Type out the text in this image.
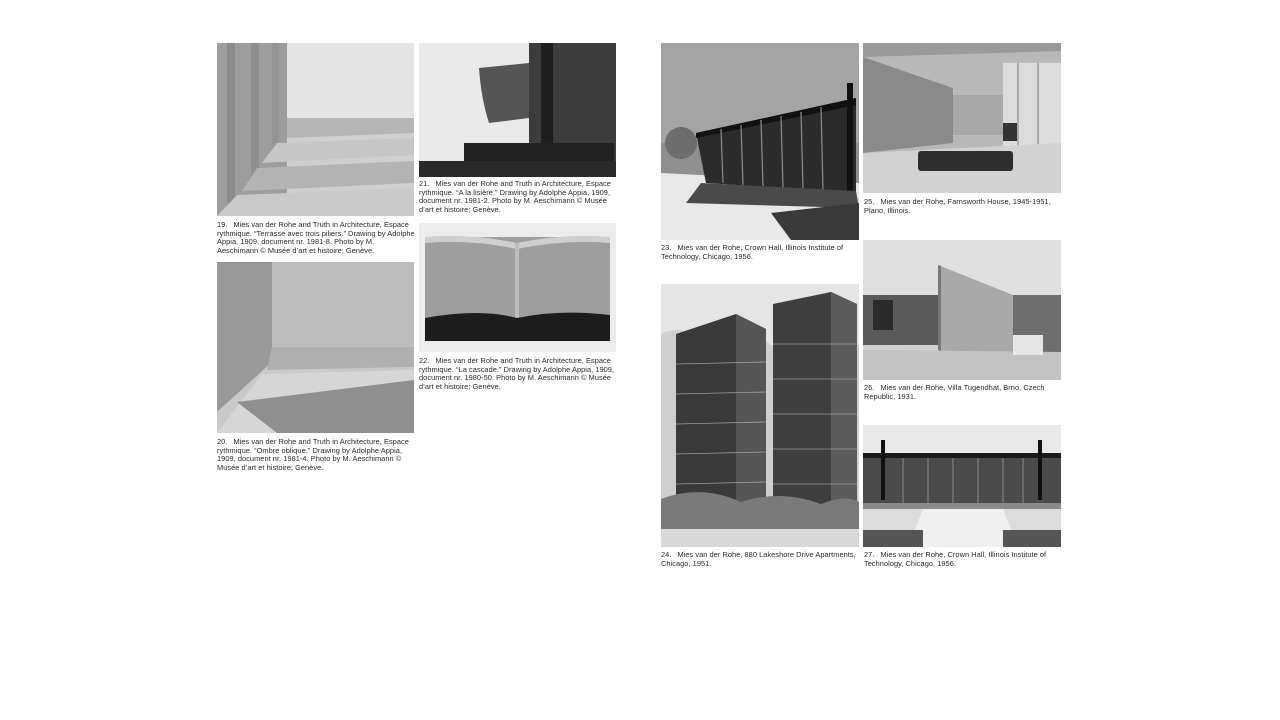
19. Mies van der Rohe and Truth in Architecture, Espace rythmique. “Terrasse avec trois piliers.” Drawing by Adolphe Appia, 1909, document nr. 1981-8. Photo by M. Aeschimann © Musée d’art et histoire; Genève.
20. Mies van der Rohe and Truth in Architecture, Espace rythmique. “Ombre oblique.” Drawing by Adolphe Appia, 1909, document nr. 1981-4. Photo by M. Aeschimann © Musée d’art et histoire; Genève.
21. Mies van der Rohe and Truth in Architecture, Espace rythmique. “A la lisière.” Drawing by Adolphe Appia, 1909, document nr. 1981-2. Photo by M. Aeschimann © Musée d’art et histoire; Genève.
22. Mies van der Rohe and Truth in Architecture, Espace rythmique. “La cascade.” Drawing by Adolphe Appia, 1909, document nr. 1980-50. Photo by M. Aeschimann © Musée d’art et histoire; Genève.
23. Mies van der Rohe, Crown Hall, Illinois Institute of Technology, Chicago, 1956.
24. Mies van der Rohe, 880 Lakeshore Drive Apartments, Chicago, 1951.
25. Mies van der Rohe, Farnsworth House, 1945-1951, Plano, Illinois.
26. Mies van der Rohe, Villa Tugendhat, Brno, Czech Republic, 1931.
27. Mies van der Rohe, Crown Hall, Illinois Institute of Technology, Chicago, 1956.
